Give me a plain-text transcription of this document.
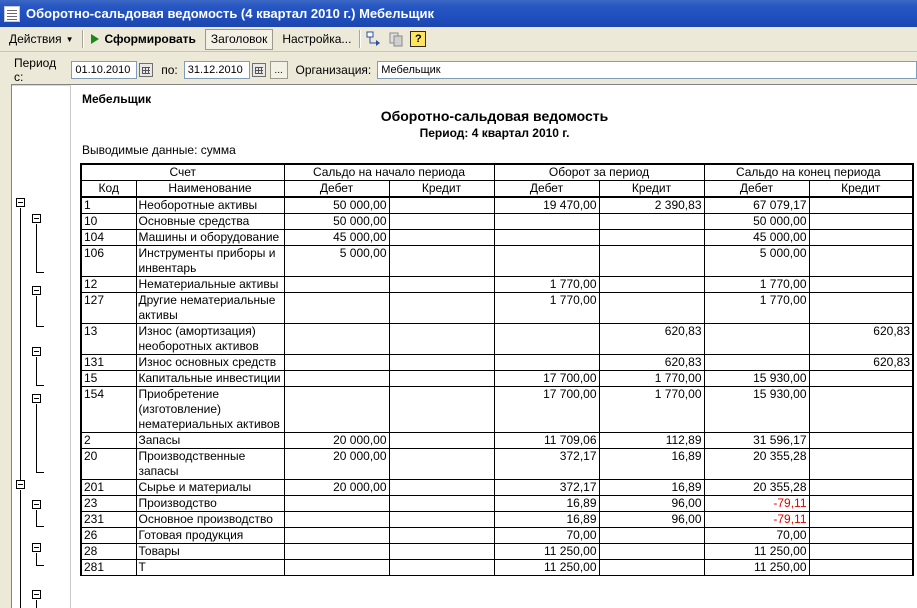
Оборотно-сальдовая ведомость (4 квартал 2010 г.) Мебельщик
Действия ▼	Сформировать Заголовок Настройка...	?
Период с:
01.10.2010	по:
31.12.2010	...	Организация:
Мебельщик
Мебельщик
Оборотно-сальдовая ведомость
Период: 4 квартал 2010 г.
Выводимые данные: сумма
Счет		Сальдо на начало периода		Оборот за период		Сальдо на конец периода	
Код	Наименование	Дебет	Кредит	Дебет	Кредит	Дебет	Кредит
1	Необоротные активы	50 000,00		19 470,00	2 390,83	67 079,17	
10	Основные средства	50 000,00				50 000,00	
104	Машины и оборудование	45 000,00				45 000,00	
106	Инструменты приборы и инвентарь	5 000,00				5 000,00	
12	Нематериальные активы			1 770,00		1 770,00	
127	Другие нематериальные активы			1 770,00		1 770,00	
13	Износ (амортизация) необоротных активов				620,83		620,83
131	Износ основных средств				620,83		620,83
15	Капитальные инвестиции			17 700,00	1 770,00	15 930,00	
154	Приобретение (изготовление) нематериальных активов			17 700,00	1 770,00	15 930,00	
2	Запасы	20 000,00		11 709,06	112,89	31 596,17	
20	Производственные запасы	20 000,00		372,17	16,89	20 355,28	
201	Сырье и материалы	20 000,00		372,17	16,89	20 355,28	
23	Производство			16,89	96,00	-79,11	
231	Основное производство			16,89	96,00	-79,11	
26	Готовая продукция			70,00		70,00	
28	Товары			11 250,00		11 250,00	
281	Т			11 250,00		11 250,00	
